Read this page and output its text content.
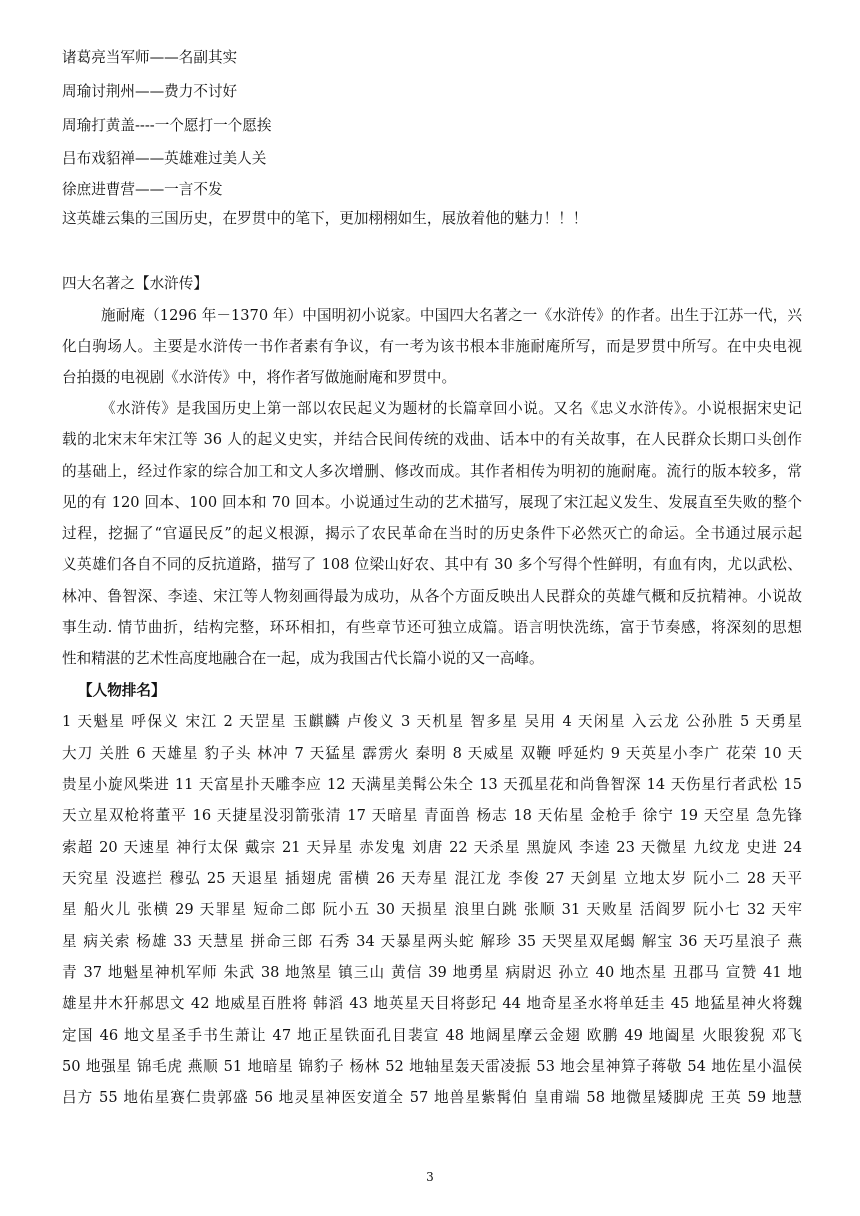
诸葛亮当军师——名副其实
周瑜讨荆州——费力不讨好
周瑜打黄盖----一个愿打一个愿挨
吕布戏貂禅——英雄难过美人关
徐庶进曹营——一言不发
这英雄云集的三国历史，在罗贯中的笔下，更加栩栩如生，展放着他的魅力！！！
四大名著之【水浒传】
施耐庵（1296 年－1370 年）中国明初小说家。中国四大名著之一《水浒传》的作者。出生于江苏一代，兴
化白驹场人。主要是水浒传一书作者素有争议，有一考为该书根本非施耐庵所写，而是罗贯中所写。在中央电视
台拍摄的电视剧《水浒传》中，将作者写做施耐庵和罗贯中。
《水浒传》是我国历史上第一部以农民起义为题材的长篇章回小说。又名《忠义水浒传》。小说根据宋史记
载的北宋末年宋江等 36 人的起义史实，并结合民间传统的戏曲、话本中的有关故事，在人民群众长期口头创作
的基础上，经过作家的综合加工和文人多次增删、修改而成。其作者相传为明初的施耐庵。流行的版本较多，常
见的有 120 回本、100 回本和 70 回本。小说通过生动的艺术描写，展现了宋江起义发生、发展直至失败的整个
过程，挖掘了“官逼民反”的起义根源，揭示了农民革命在当时的历史条件下必然灭亡的命运。全书通过展示起
义英雄们各自不同的反抗道路，描写了 108 位梁山好农、其中有 30 多个写得个性鲜明，有血有肉，尤以武松、
林冲、鲁智深、李逵、宋江等人物刻画得最为成功，从各个方面反映出人民群众的英雄气概和反抗精神。小说故
事生动. 情节曲折，结构完整，环环相扣，有些章节还可独立成篇。语言明快洗练，富于节奏感，将深刻的思想
性和精湛的艺术性高度地融合在一起，成为我国古代长篇小说的又一高峰。
【人物排名】
1 天魁星 呼保义 宋江 2 天罡星 玉麒麟 卢俊义 3 天机星 智多星 吴用 4 天闲星 入云龙 公孙胜 5 天勇星
大刀 关胜 6 天雄星 豹子头 林冲 7 天猛星 霹雳火 秦明 8 天威星 双鞭 呼延灼 9 天英星小李广 花荣 10 天
贵星小旋风柴进 11 天富星扑天雕李应 12 天满星美髯公朱仝 13 天孤星花和尚鲁智深 14 天伤星行者武松 15
天立星双枪将董平 16 天捷星没羽箭张清 17 天暗星 青面兽 杨志 18 天佑星 金枪手 徐宁 19 天空星 急先锋
索超 20 天速星 神行太保 戴宗 21 天异星 赤发鬼 刘唐 22 天杀星 黑旋风 李逵 23 天微星 九纹龙 史进 24
天究星 没遮拦 穆弘 25 天退星 插翅虎 雷横 26 天寿星 混江龙 李俊 27 天剑星 立地太岁 阮小二 28 天平
星 船火儿 张横 29 天罪星 短命二郎 阮小五 30 天损星 浪里白跳 张顺 31 天败星 活阎罗 阮小七 32 天牢
星 病关索 杨雄 33 天慧星 拼命三郎 石秀 34 天暴星两头蛇 解珍 35 天哭星双尾蝎 解宝 36 天巧星浪子 燕
青 37 地魁星神机军师 朱武 38 地煞星 镇三山 黄信 39 地勇星 病尉迟 孙立 40 地杰星 丑郡马 宣赞 41 地
雄星井木犴郝思文 42 地威星百胜将 韩滔 43 地英星天目将彭玘 44 地奇星圣水将单廷圭 45 地猛星神火将魏
定国 46 地文星圣手书生萧让 47 地正星铁面孔目裴宣 48 地阔星摩云金翅 欧鹏 49 地阖星 火眼狻猊 邓飞
50 地强星 锦毛虎 燕顺 51 地暗星 锦豹子 杨林 52 地轴星轰天雷凌振 53 地会星神算子蒋敬 54 地佐星小温侯
吕方 55 地佑星赛仁贵郭盛 56 地灵星神医安道全 57 地兽星紫髯伯 皇甫端 58 地微星矮脚虎 王英 59 地慧
3
